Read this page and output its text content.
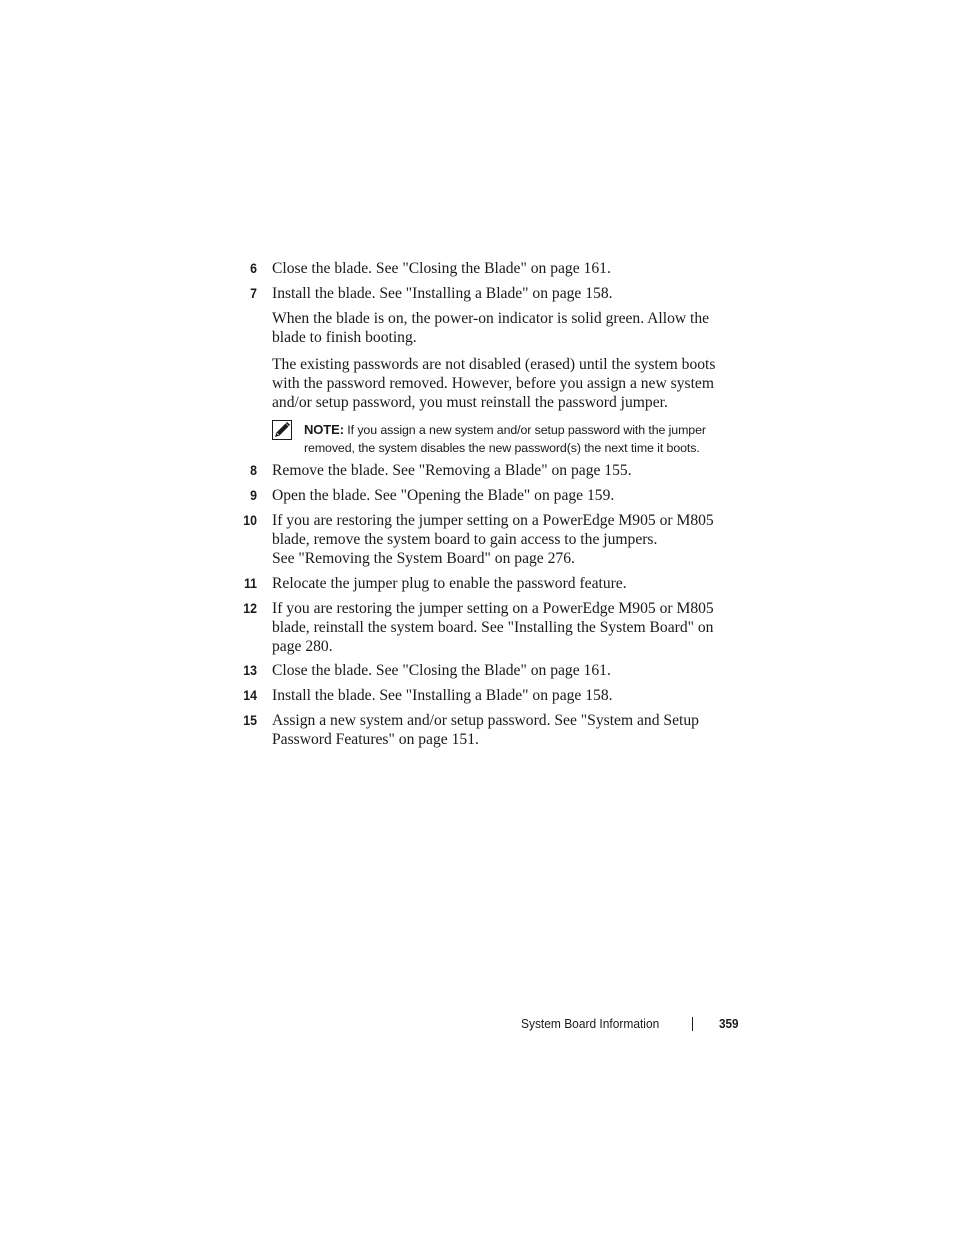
6 Close the blade. See "Closing the Blade" on page 161.
7 Install the blade. See "Installing a Blade" on page 158.
When the blade is on, the power-on indicator is solid green. Allow the blade to finish booting.
The existing passwords are not disabled (erased) until the system boots with the password removed. However, before you assign a new system and/or setup password, you must reinstall the password jumper.
NOTE: If you assign a new system and/or setup password with the jumper removed, the system disables the new password(s) the next time it boots.
8 Remove the blade. See "Removing a Blade" on page 155.
9 Open the blade. See "Opening the Blade" on page 159.
10 If you are restoring the jumper setting on a PowerEdge M905 or M805 blade, remove the system board to gain access to the jumpers.
See "Removing the System Board" on page 276.
11 Relocate the jumper plug to enable the password feature.
12 If you are restoring the jumper setting on a PowerEdge M905 or M805 blade, reinstall the system board. See "Installing the System Board" on page 280.
13 Close the blade. See "Closing the Blade" on page 161.
14 Install the blade. See "Installing a Blade" on page 158.
15 Assign a new system and/or setup password. See "System and Setup Password Features" on page 151.
System Board Information	359
